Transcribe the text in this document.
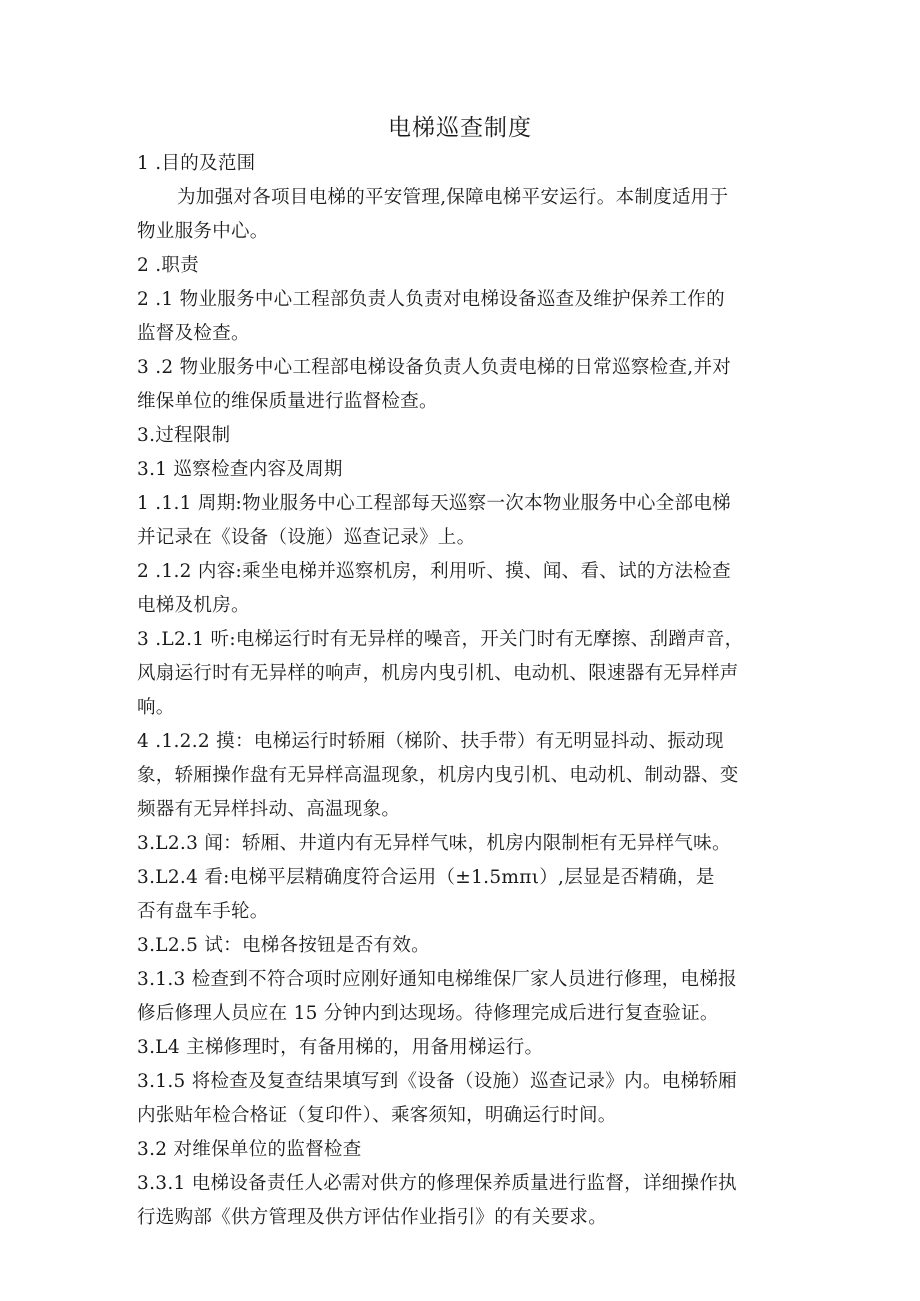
电梯巡查制度
1 .目的及范围
为加强对各项目电梯的平安管理,保障电梯平安运行。本制度适用于
物业服务中心。
2 .职责
2 .1 物业服务中心工程部负责人负责对电梯设备巡查及维护保养工作的
监督及检查。
3 .2 物业服务中心工程部电梯设备负责人负责电梯的日常巡察检查,并对
维保单位的维保质量进行监督检查。
3.过程限制
3.1 巡察检查内容及周期
1 .1.1 周期:物业服务中心工程部每天巡察一次本物业服务中心全部电梯
并记录在《设备（设施）巡查记录》上。
2 .1.2 内容:乘坐电梯并巡察机房，利用听、摸、闻、看、试的方法检查
电梯及机房。
3 .L2.1 听:电梯运行时有无异样的噪音，开关门时有无摩擦、刮蹭声音，
风扇运行时有无异样的响声，机房内曳引机、电动机、限速器有无异样声
响。
4 .1.2.2 摸：电梯运行时轿厢（梯阶、扶手带）有无明显抖动、振动现
象，轿厢操作盘有无异样高温现象，机房内曳引机、电动机、制动器、变
频器有无异样抖动、高温现象。
3.L2.3 闻：轿厢、井道内有无异样气味，机房内限制柜有无异样气味。
3.L2.4 看:电梯平层精确度符合运用（±1.5mπι）,层显是否精确，是
否有盘车手轮。
3.L2.5 试：电梯各按钮是否有效。
3.1.3 检查到不符合项时应刚好通知电梯维保厂家人员进行修理，电梯报
修后修理人员应在 15 分钟内到达现场。待修理完成后进行复查验证。
3.L4 主梯修理时，有备用梯的，用备用梯运行。
3.1.5 将检查及复查结果填写到《设备（设施）巡查记录》内。电梯轿厢
内张贴年检合格证（复印件）、乘客须知，明确运行时间。
3.2 对维保单位的监督检查
3.3.1 电梯设备责任人必需对供方的修理保养质量进行监督，详细操作执
行选购部《供方管理及供方评估作业指引》的有关要求。
